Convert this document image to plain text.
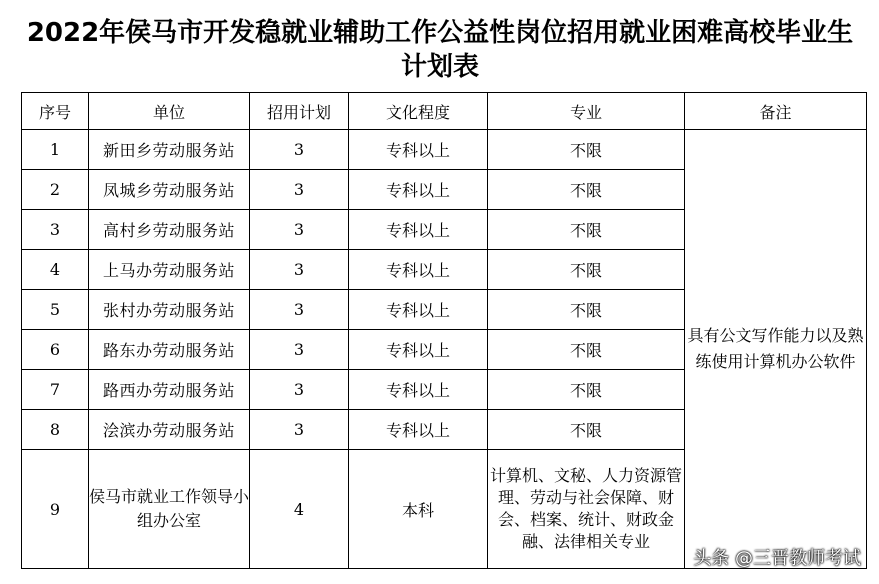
2022年侯马市开发稳就业辅助工作公益性岗位招用就业困难高校毕业生计划表
序号	单位	招用计划	文化程度	专业	备注
1	新田乡劳动服务站	3	专科以上	不限	具有公文写作能力以及熟练使用计算机办公软件
2	凤城乡劳动服务站	3	专科以上	不限	
3	高村乡劳动服务站	3	专科以上	不限	
4	上马办劳动服务站	3	专科以上	不限	
5	张村办劳动服务站	3	专科以上	不限	
6	路东办劳动服务站	3	专科以上	不限	
7	路西办劳动服务站	3	专科以上	不限	
8	浍滨办劳动服务站	3	专科以上	不限	
9	侯马市就业工作领导小组办公室	4	本科	计算机、文秘、人力资源管理、劳动与社会保障、财会、档案、统计、财政金融、法律相关专业	
头条 @三晋教师考试
